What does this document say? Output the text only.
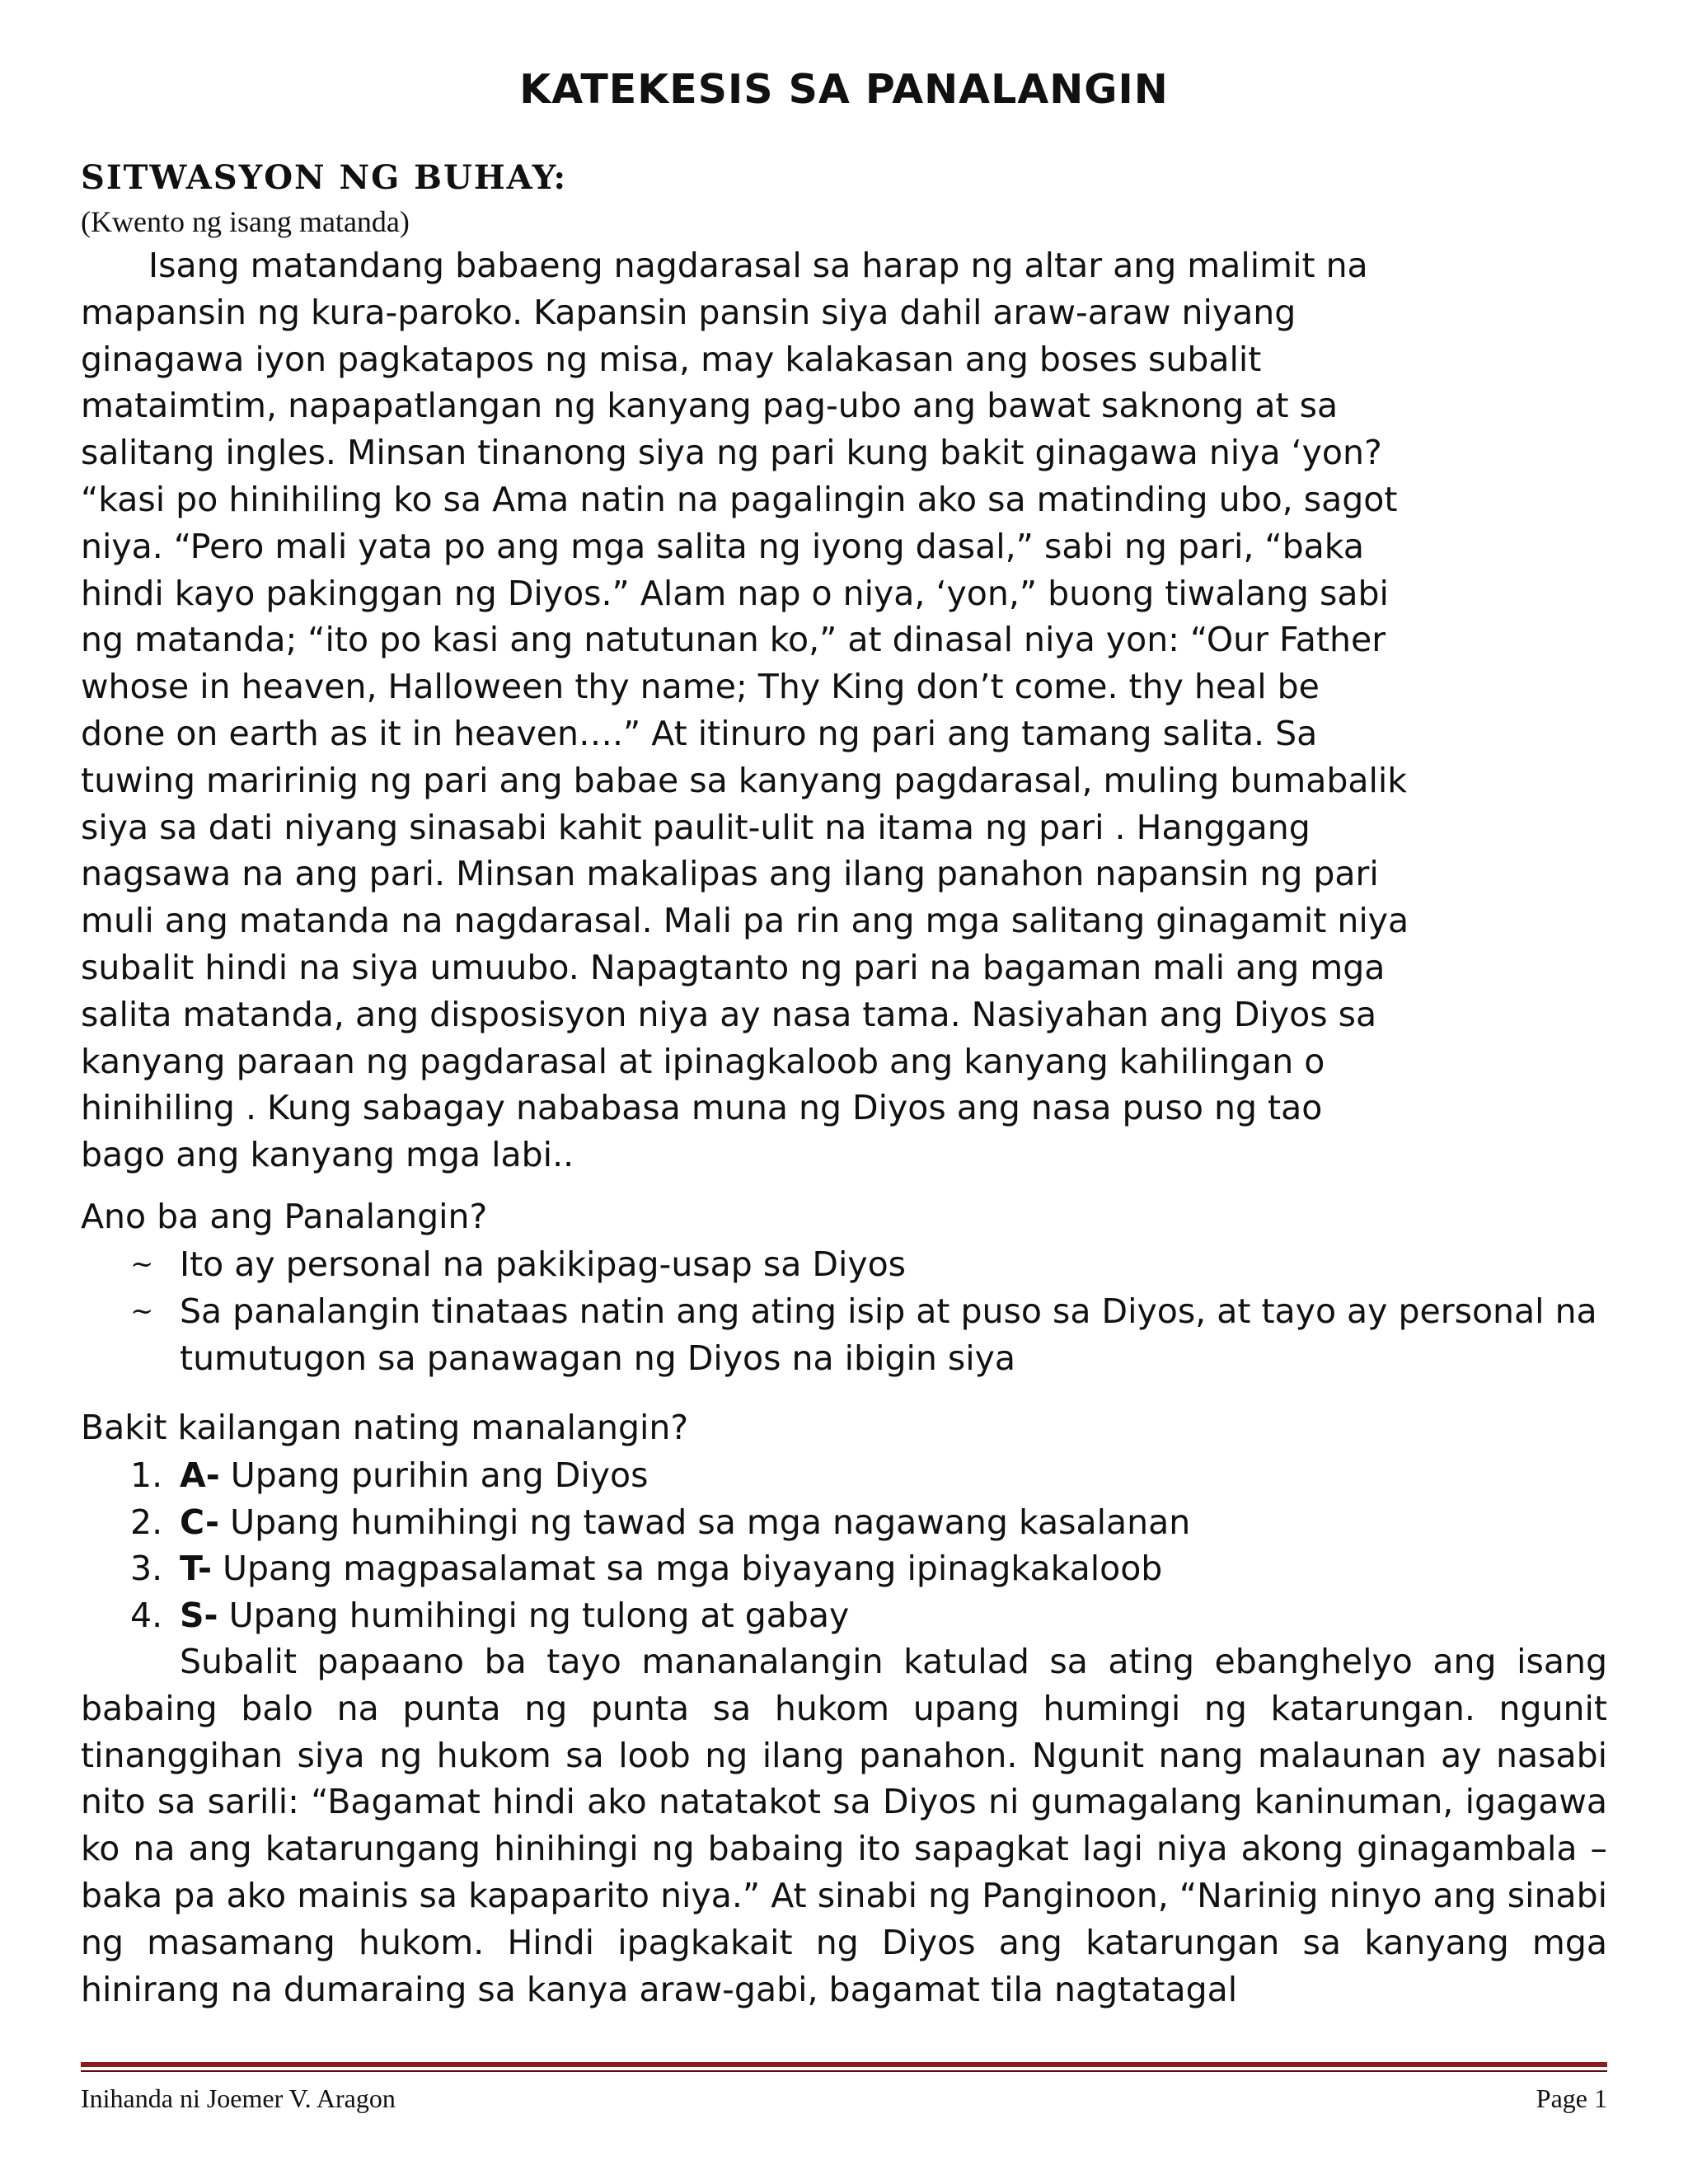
KATEKESIS SA PANALANGIN
SITWASYON NG BUHAY:
(Kwento ng isang matanda)
  Isang matandang babaeng nagdarasal sa harap ng altar ang malimit na
mapansin ng kura-paroko. Kapansin pansin siya dahil araw-araw niyang
ginagawa iyon pagkatapos ng misa, may kalakasan ang boses subalit
mataimtim, napapatlangan ng kanyang pag-ubo ang bawat saknong at sa
salitang ingles. Minsan tinanong siya ng pari kung bakit ginagawa niya ‘yon?
“kasi po hinihiling ko sa Ama natin na pagalingin ako sa matinding ubo, sagot
niya. “Pero mali yata po ang mga salita ng iyong dasal,” sabi ng pari, “baka
hindi kayo pakinggan ng Diyos.” Alam nap o niya, ‘yon,” buong tiwalang sabi
ng matanda; “ito po kasi ang natutunan ko,” at dinasal niya yon: “Our Father
whose in heaven, Halloween thy name; Thy King don’t come. thy heal be
done on earth as it in heaven….” At itinuro ng pari ang tamang salita. Sa
tuwing maririnig ng pari ang babae sa kanyang pagdarasal, muling bumabalik
siya sa dati niyang sinasabi kahit paulit-ulit na itama ng pari . Hanggang
nagsawa na ang pari. Minsan makalipas ang ilang panahon napansin ng pari
muli ang matanda na nagdarasal. Mali pa rin ang mga salitang ginagamit niya
subalit hindi na siya umuubo. Napagtanto ng pari na bagaman mali ang mga
salita matanda, ang disposisyon niya ay nasa tama. Nasiyahan ang Diyos sa
kanyang paraan ng pagdarasal at ipinagkaloob ang kanyang kahilingan o
hinihiling . Kung sabagay nababasa muna ng Diyos ang nasa puso ng tao
bago ang kanyang mga labi..
Ano ba ang Panalangin?
~ Ito ay personal na pakikipag-usap sa Diyos
~ Sa panalangin tinataas natin ang ating isip at puso sa Diyos, at tayo ay personal na tumutugon sa panawagan ng Diyos na ibigin siya
Bakit kailangan nating manalangin?
1. A- Upang purihin ang Diyos
2. C- Upang humihingi ng tawad sa mga nagawang kasalanan
3. T- Upang magpasalamat sa mga biyayang ipinagkakaloob
4. S- Upang humihingi ng tulong at gabay
Subalit papaano ba tayo mananalangin katulad sa ating ebanghelyo ang isang babaing balo na punta ng punta sa hukom upang humingi ng katarungan. ngunit tinanggihan siya ng hukom sa loob ng ilang panahon. Ngunit nang malaunan ay nasabi nito sa sarili: “Bagamat hindi ako natatakot sa Diyos ni gumagalang kaninuman, igagawa ko na ang katarungang hinihingi ng babaing ito sapagkat lagi niya akong ginagambala – baka pa ako mainis sa kapaparito niya.” At sinabi ng Panginoon, “Narinig ninyo ang sinabi ng masamang hukom. Hindi ipagkakait ng Diyos ang katarungan sa kanyang mga hinirang na dumaraing sa kanya araw-gabi, bagamat tila nagtatagal
Inihanda ni Joemer V. Aragon	Page 1
